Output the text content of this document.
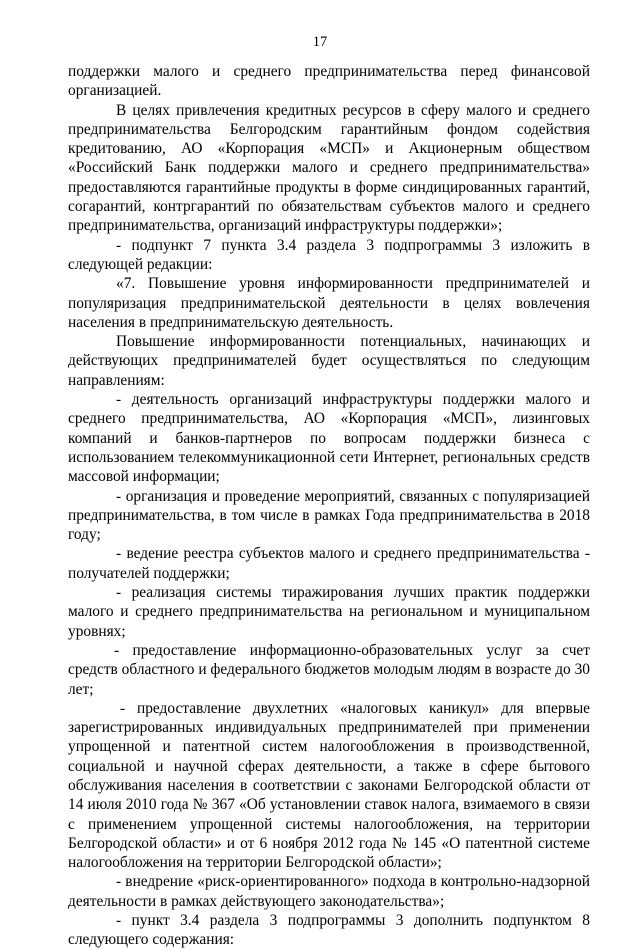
17

поддержки малого и среднего предпринимательства перед финансовой организацией.

В целях привлечения кредитных ресурсов в сферу малого и среднего предпринимательства Белгородским гарантийным фондом содействия кредитованию, АО «Корпорация «МСП» и Акционерным обществом «Российский Банк поддержки малого и среднего предпринимательства» предоставляются гарантийные продукты в форме синдицированных гарантий, согарантий, контргарантий по обязательствам субъектов малого и среднего предпринимательства, организаций инфраструктуры поддержки»;

- подпункт 7 пункта 3.4 раздела 3 подпрограммы 3 изложить в следующей редакции:

«7. Повышение уровня информированности предпринимателей и популяризация предпринимательской деятельности в целях вовлечения населения в предпринимательскую деятельность.

Повышение информированности потенциальных, начинающих и действующих предпринимателей будет осуществляться по следующим направлениям:

- деятельность организаций инфраструктуры поддержки малого и среднего предпринимательства, АО «Корпорация «МСП», лизинговых компаний и банков-партнеров по вопросам поддержки бизнеса с использованием телекоммуникационной сети Интернет, региональных средств массовой информации;

- организация и проведение мероприятий, связанных с популяризацией предпринимательства, в том числе в рамках Года предпринимательства в 2018 году;

- ведение реестра субъектов малого и среднего предпринимательства - получателей поддержки;

- реализация системы тиражирования лучших практик поддержки малого и среднего предпринимательства на региональном и муниципальном уровнях;

- предоставление информационно-образовательных услуг за счет средств областного и федерального бюджетов молодым людям в возрасте до 30 лет;

- предоставление двухлетних «налоговых каникул» для впервые зарегистрированных индивидуальных предпринимателей при применении упрощенной и патентной систем налогообложения в производственной, социальной и научной сферах деятельности, а также в сфере бытового обслуживания населения в соответствии с законами Белгородской области от 14 июля 2010 года № 367 «Об установлении ставок налога, взимаемого в связи с применением упрощенной системы налогообложения, на территории Белгородской области» и от 6 ноября 2012 года № 145 «О патентной системе налогообложения на территории Белгородской области»;

- внедрение «риск-ориентированного» подхода в контрольно-надзорной деятельности в рамках действующего законодательства»;

- пункт 3.4 раздела 3 подпрограммы 3 дополнить подпунктом 8 следующего содержания:
